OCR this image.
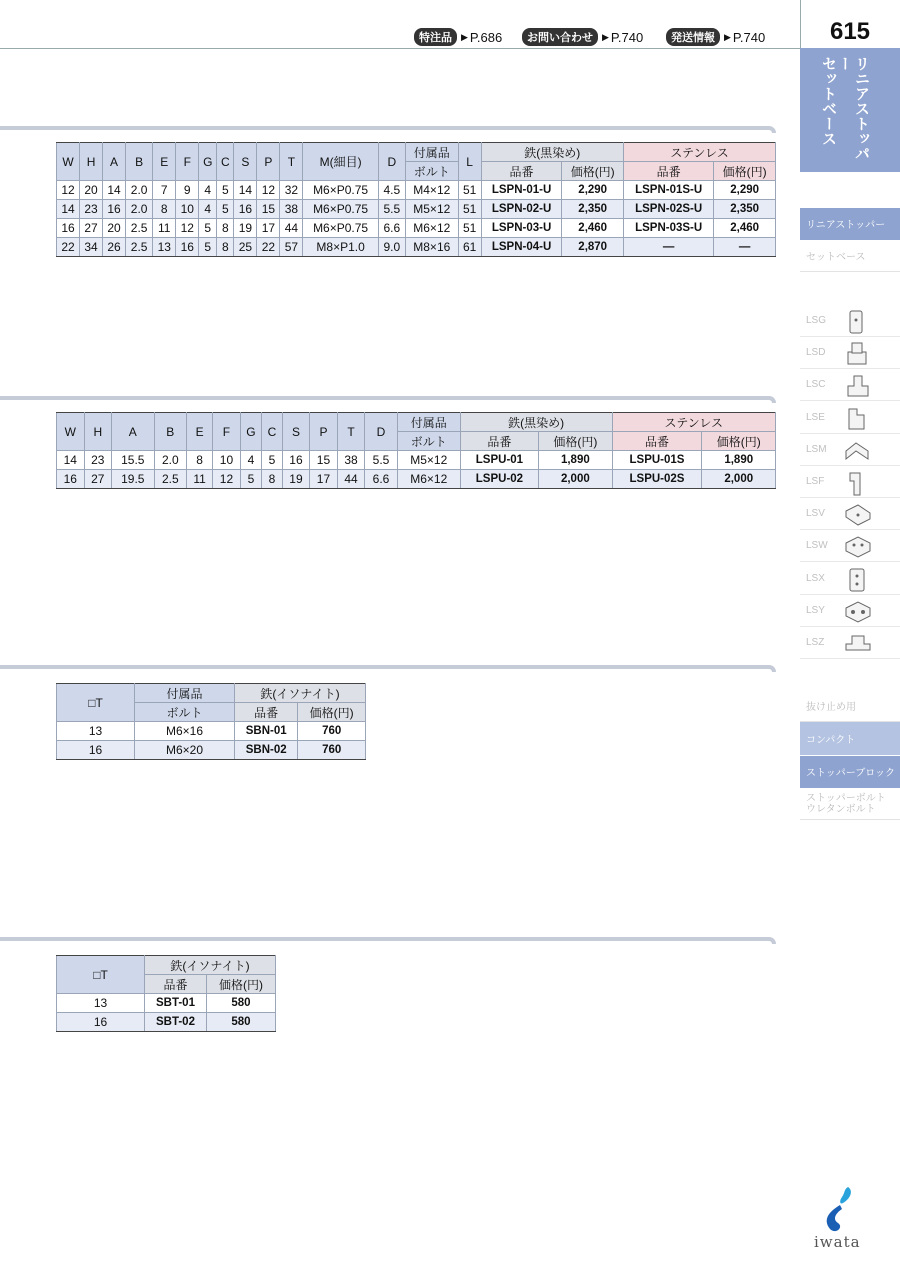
615
特注品	▶ P.686	お問い合わせ	▶ P.740	発送情報	▶ P.740
リニアストッパー
セットベース
リニアストッパー
セットベース
LSG
LSD
LSC
LSE
LSM
LSF
LSV
LSW
LSX
LSY
LSZ
抜け止め用
コンパクト
ストッパーブロック
ストッパーボルト ウレタンボルト
W	H	A	B	E	F	G	C	S	P	T	M(細目)	D	付属品	L	鉄(黒染め)		ステンレス	
													ボルト		品番	価格(円)	品番	価格(円)
12	20	14	2.0	7	9	4	5	14	12	32	M6×P0.75	4.5	M4×12	51	LSPN-01-U	2,290	LSPN-01S-U	2,290
14	23	16	2.0	8	10	4	5	16	15	38	M6×P0.75	5.5	M5×12	51	LSPN-02-U	2,350	LSPN-02S-U	2,350
16	27	20	2.5	11	12	5	8	19	17	44	M6×P0.75	6.6	M6×12	51	LSPN-03-U	2,460	LSPN-03S-U	2,460
22	34	26	2.5	13	16	5	8	25	22	57	M8×P1.0	9.0	M8×16	61	LSPN-04-U	2,870	—	—
W	H	A	B	E	F	G	C	S	P	T	D	付属品	鉄(黒染め)		ステンレス	
												ボルト	品番	価格(円)	品番	価格(円)
14	23	15.5	2.0	8	10	4	5	16	15	38	5.5	M5×12	LSPU-01	1,890	LSPU-01S	1,890
16	27	19.5	2.5	11	12	5	8	19	17	44	6.6	M6×12	LSPU-02	2,000	LSPU-02S	2,000
□T	付属品	鉄(イソナイト)	
	ボルト	品番	価格(円)
13	M6×16	SBN-01	760
16	M6×20	SBN-02	760
□T	鉄(イソナイト)	
	品番	価格(円)
13	SBT-01	580
16	SBT-02	580
iwata
